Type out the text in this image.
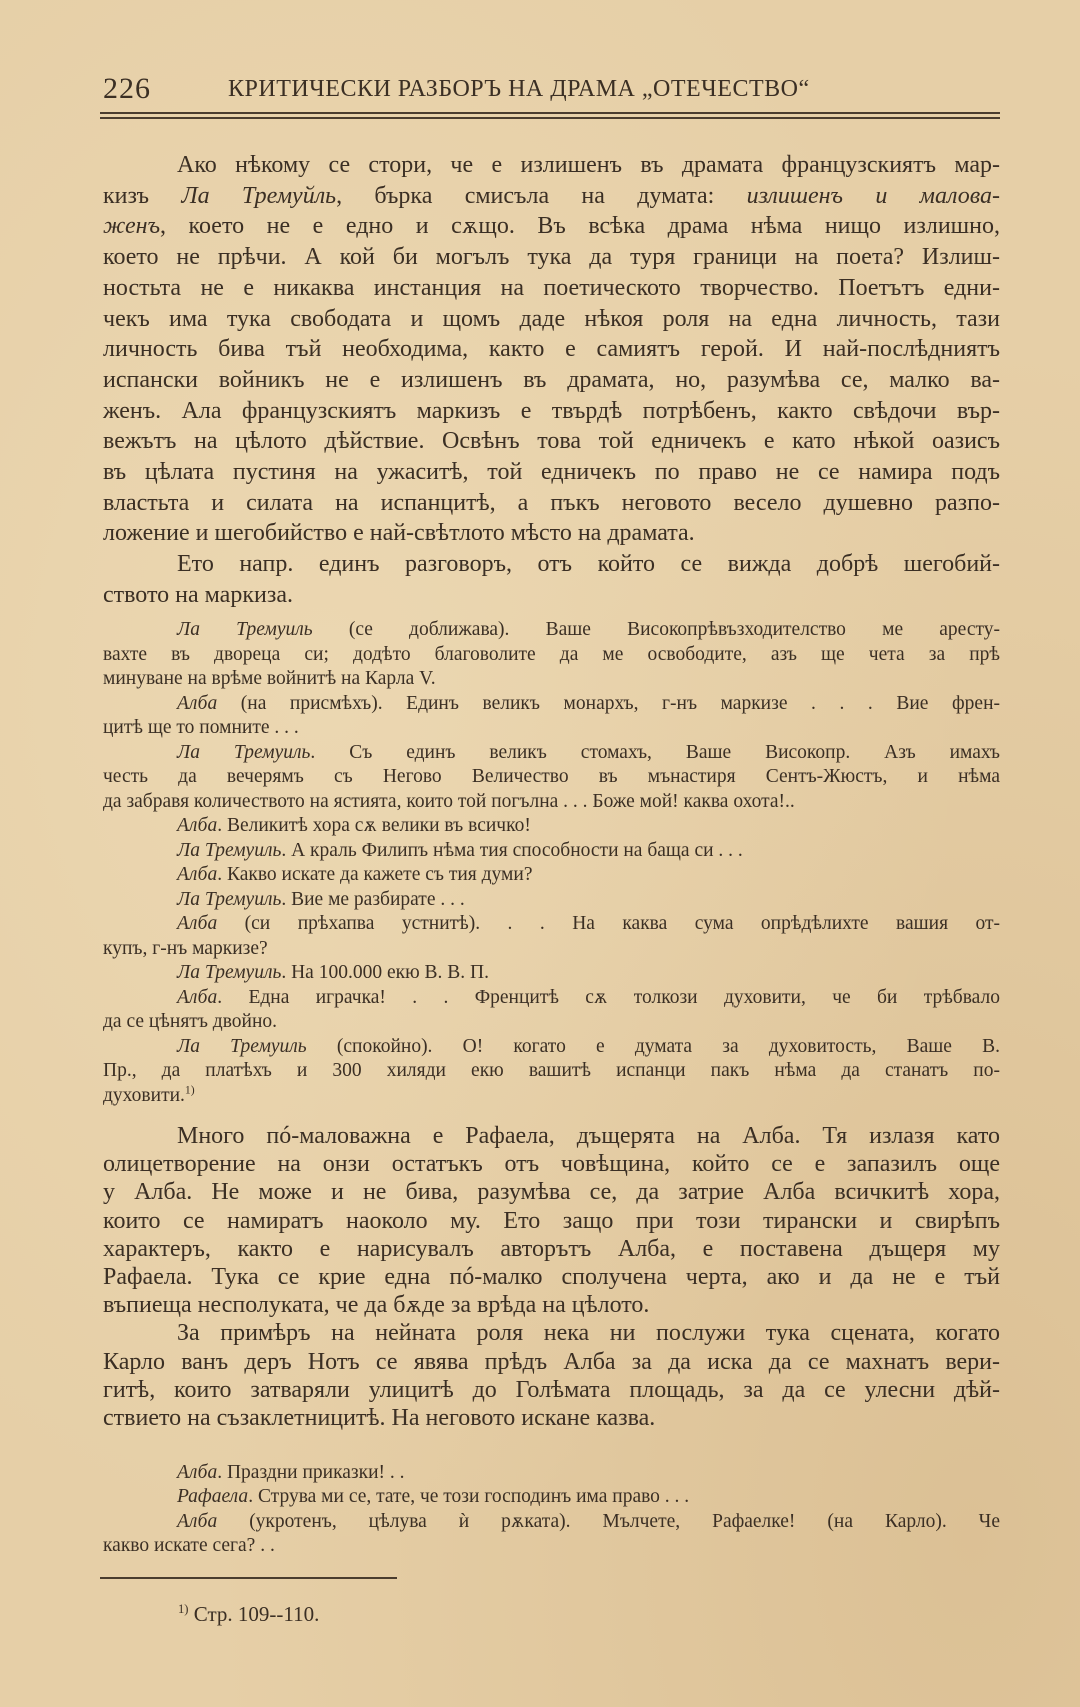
226	КРИТИЧЕСКИ РАЗБОРЪ НА ДРАМА „ОТЕЧЕСТВО“
Ако нѣкому се стори, че е излишенъ въ драмата французскиятъ мар-
кизъ Ла Тремуйль, бърка смисъла на думата: излишенъ и малова-
женъ, което не е едно и сѫщо. Въ всѣка драма нѣма нищо излишно,
което не прѣчи. А кой би могълъ тука да туря граници на поета? Излиш-
ностьта не е никаква инстанция на поетическото творчество. Поетътъ едни-
чекъ има тука свободата и щомъ даде нѣкоя роля на една личность, тази
личность бива тъй необходима, както е самиятъ герой. И най-послѣдниятъ
испански войникъ не е излишенъ въ драмата, но, разумѣва се, малко ва-
женъ. Ала французскиятъ маркизъ е твърдѣ потрѣбенъ, както свѣдочи вър-
вежътъ на цѣлото дѣйствие. Освѣнъ това той едничекъ е като нѣкой оазисъ
въ цѣлата пустиня на ужаситѣ, той едничекъ по право не се намира подъ
властьта и силата на испанцитѣ, а пъкъ неговото весело душевно разпо-
ложение и шегобийство е най-свѣтлото мѣсто на драмата.
Ето напр. единъ разговоръ, отъ който се вижда добрѣ шегобий-
ството на маркиза.
Ла Тремуиль (се доближава). Ваше Високопрѣвъзходителство ме аресту-
вахте въ двореца си; додѣто благоволите да ме освободите, азъ ще чета за прѣ
минуване на врѣме войнитѣ на Карла V.
Алба (на присмѣхъ). Единъ великъ монархъ, г-нъ маркизе . . . Вие френ-
цитѣ ще то помните . . .
Ла Тремуиль. Съ единъ великъ стомахъ, Ваше Високопр. Азъ имахъ
честь да вечерямъ съ Негово Величество въ мънастиря Сентъ-Жюстъ, и нѣма
да забравя количеството на ястията, които той погълна . . . Боже мой! каква охота!..
Алба. Великитѣ хора сѫ велики въ всичко!
Ла Тремуиль. А краль Филипъ нѣма тия способности на баща си . . .
Алба. Какво искате да кажете съ тия думи?
Ла Тремуиль. Вие ме разбирате . . .
Алба (си прѣхапва устнитѣ). . . На каква сума опрѣдѣлихте вашия от-
купъ, г-нъ маркизе?
Ла Тремуиль. На 100.000 екю В. В. П.
Алба. Една играчка! . . Френцитѣ сѫ толкози духовити, че би трѣбвало
да се цѣнятъ двойно.
Ла Тремуиль (спокойно). О! когато е думата за духовитость, Ваше В.
Пр., да платѣхъ и 300 хиляди екю вашитѣ испанци пакъ нѣма да станатъ по-
духовити.$^{1)}$
Много пó-маловажна е Рафаела, дъщерята на Алба. Тя излазя като
олицетворение на онзи остатъкъ отъ човѣщина, който се е запазилъ още
у Алба. Не може и не бива, разумѣва се, да затрие Алба всичкитѣ хора,
които се намиратъ наоколо му. Ето защо при този тирански и свирѣпъ
характеръ, както е нарисувалъ авторътъ Алба, е поставена дъщеря му
Рафаела. Тука се крие една пó-малко сполучена черта, ако и да не е тъй
въпиеща несполуката, че да бѫде за врѣда на цѣлото.
За примѣръ на нейната роля нека ни послужи тука сцената, когато
Карло ванъ деръ Нотъ се явява прѣдъ Алба за да иска да се махнатъ вери-
гитѣ, които затваряли улицитѣ до Голѣмата площадь, за да се улесни дѣй-
ствието на съзаклетницитѣ. На неговото искане казва.
Алба. Праздни приказки! . .
Рафаела. Струва ми се, тате, че този господинъ има право . . .
Алба (укротенъ, цѣлува ѝ рѫката). Мълчете, Рафаелке! (на Карло). Че
какво искате сега? . .
$^{1)}$ Стр. 109--110.
